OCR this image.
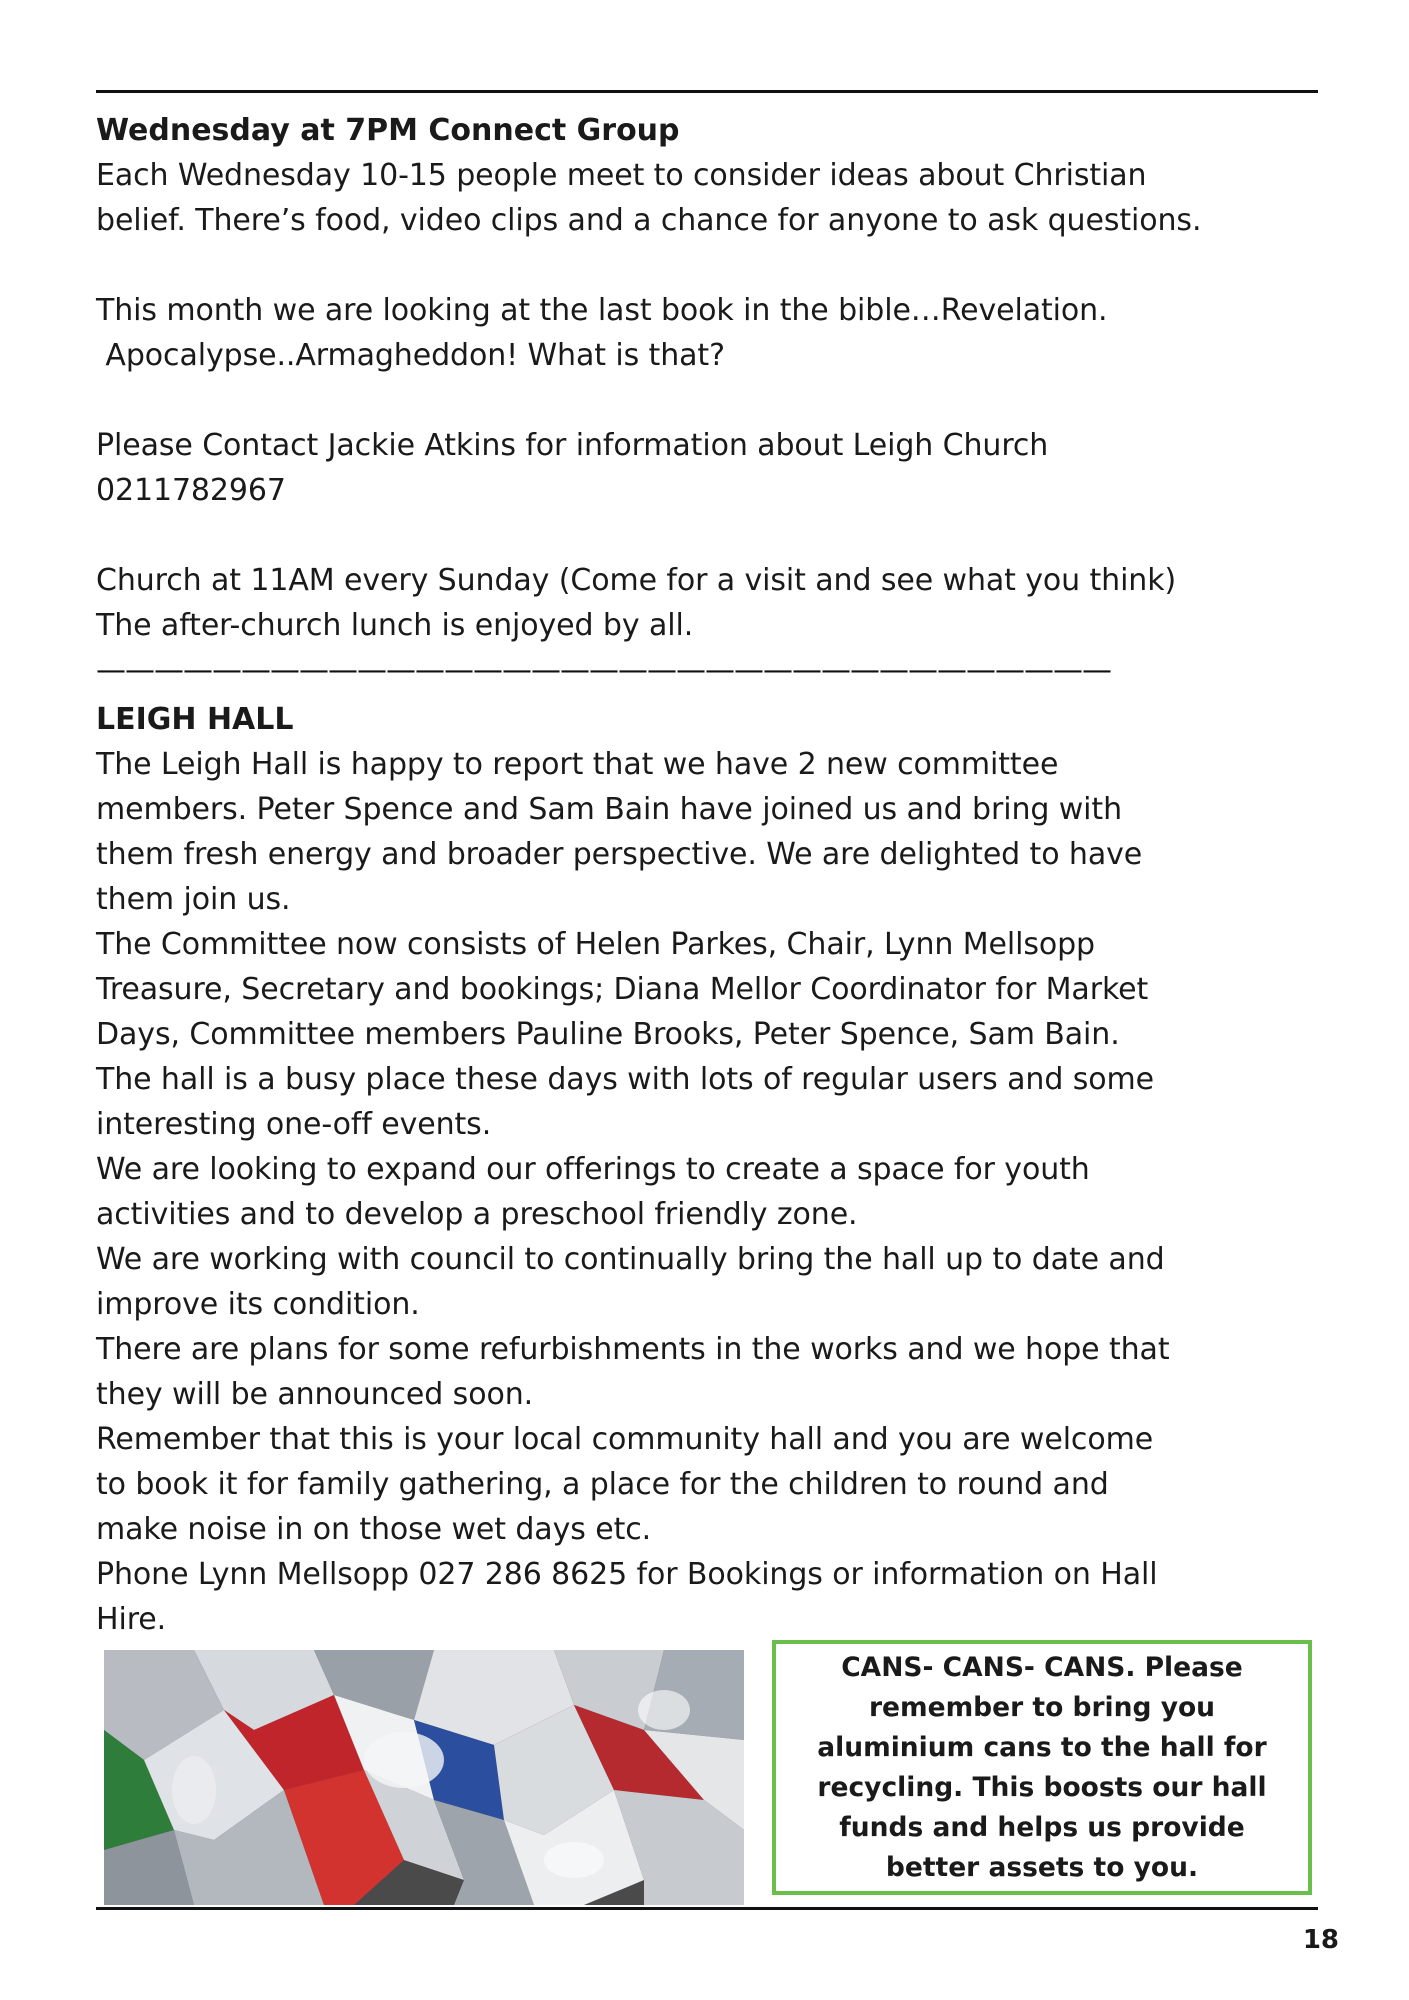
Wednesday at 7PM Connect Group

Each Wednesday 10-15 people meet to consider ideas about Christian

belief. There’s food, video clips and a chance for anyone to ask questions.

This month we are looking at the last book in the bible…Revelation.

Apocalypse..Armagheddon! What is that?

Please Contact Jackie Atkins for information about Leigh Church

0211782967

Church at 11AM every Sunday (Come for a visit and see what you think)

The after-church lunch is enjoyed by all.

———————————————————————————————————

LEIGH HALL

The Leigh Hall is happy to report that we have 2 new committee

members. Peter Spence and Sam Bain have joined us and bring with

them fresh energy and broader perspective. We are delighted to have

them join us.

The Committee now consists of Helen Parkes, Chair, Lynn Mellsopp

Treasure, Secretary and bookings; Diana Mellor Coordinator for Market

Days, Committee members Pauline Brooks, Peter Spence, Sam Bain.

The hall is a busy place these days with lots of regular users and some

interesting one-off events.

We are looking to expand our offerings to create a space for youth

activities and to develop a preschool friendly zone.

We are working with council to continually bring the hall up to date and

improve its condition.

There are plans for some refurbishments in the works and we hope that

they will be announced soon.

Remember that this is your local community hall and you are welcome

to book it for family gathering, a place for the children to round and

make noise in on those wet days etc.

Phone Lynn Mellsopp 027 286 8625 for Bookings or information on Hall

Hire.

CANS- CANS- CANS. Please

remember to bring you

aluminium cans to the hall for

recycling. This boosts our hall

funds and helps us provide

better assets to you.

18
